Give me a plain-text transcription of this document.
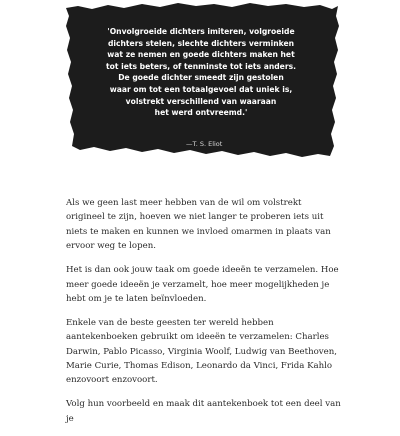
'Onvolgroeide dichters imiteren, volgroeide
dichters stelen, slechte dichters verminken
wat ze nemen en goede dichters maken het
tot iets beters, of tenminste tot iets anders.
De goede dichter smeedt zijn gestolen
waar om tot een totaalgevoel dat uniek is,
volstrekt verschillend van waaraan
het werd ontvreemd.'

—T. S. Eliot

Als we geen last meer hebben van de wil om volstrekt origineel te zijn, hoeven we niet langer te proberen iets uit niets te maken en kunnen we invloed omarmen in plaats van ervoor weg te lopen.

Het is dan ook jouw taak om goede ideeën te verzamelen. Hoe meer goede ideeën je verzamelt, hoe meer mogelijkheden je hebt om je te laten beïnvloeden.

Enkele van de beste geesten ter wereld hebben aantekenboeken gebruikt om ideeën te verzamelen: Charles Darwin, Pablo Picasso, Virginia Woolf, Ludwig van Beethoven, Marie Curie, Thomas Edison, Leonardo da Vinci, Frida Kahlo enzovoort enzovoort.

Volg hun voorbeeld en maak dit aantekenboek tot een deel van je
